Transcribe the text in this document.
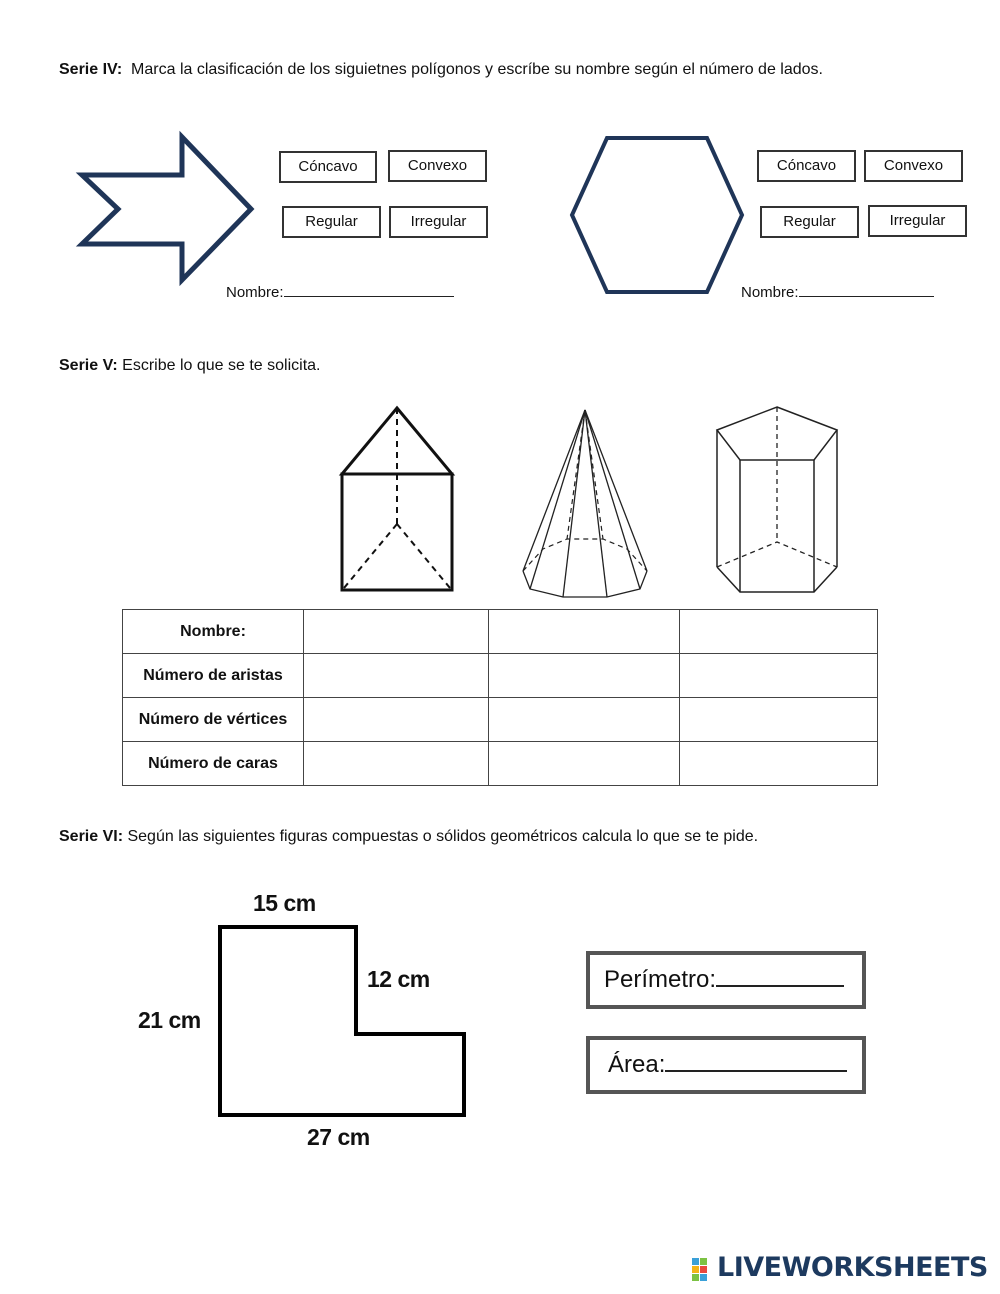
Serie IV: Marca la clasificación de los siguietnes polígonos y escríbe su nombre según el número de lados.
Cóncavo	Convexo
Regular	Irregular
Nombre:
Cóncavo	Convexo
Regular	Irregular
Nombre:
Serie V: Escribe lo que se te solicita.
Nombre:			
Número de aristas			
Número de vértices			
Número de caras			
Serie VI: Según las siguientes figuras compuestas o sólidos geométricos calcula lo que se te pide.
15 cm
12 cm
21 cm
27 cm
Perímetro:
Área:
LIVEWORKSHEETS
